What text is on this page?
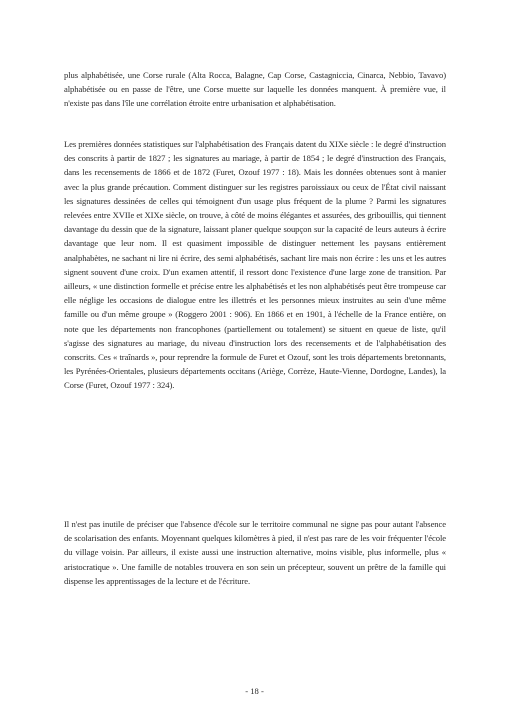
plus alphabétisée, une Corse rurale (Alta Rocca, Balagne, Cap Corse, Castagniccia, Cinarca, Nebbio, Tavavo) alphabétisée ou en passe de l'être, une Corse muette sur laquelle les données manquent. À première vue, il n'existe pas dans l'île une corrélation étroite entre urbanisation et alphabétisation.

Les premières données statistiques sur l'alphabétisation des Français datent du XIXe siècle : le degré d'instruction des conscrits à partir de 1827 ; les signatures au mariage, à partir de 1854 ; le degré d'instruction des Français, dans les recensements de 1866 et de 1872 (Furet, Ozouf 1977 : 18). Mais les données obtenues sont à manier avec la plus grande précaution. Comment distinguer sur les registres paroissiaux ou ceux de l'État civil naissant les signatures dessinées de celles qui témoignent d'un usage plus fréquent de la plume ? Parmi les signatures relevées entre XVIIe et XIXe siècle, on trouve, à côté de moins élégantes et assurées, des gribouillis, qui tiennent davantage du dessin que de la signature, laissant planer quelque soupçon sur la capacité de leurs auteurs à écrire davantage que leur nom. Il est quasiment impossible de distinguer nettement les paysans entièrement analphabètes, ne sachant ni lire ni écrire, des semi alphabétisés, sachant lire mais non écrire : les uns et les autres signent souvent d'une croix. D'un examen attentif, il ressort donc l'existence d'une large zone de transition. Par ailleurs, « une distinction formelle et précise entre les alphabétisés et les non alphabétisés peut être trompeuse car elle néglige les occasions de dialogue entre les illettrés et les personnes mieux instruites au sein d'une même famille ou d'un même groupe » (Roggero 2001 : 906). En 1866 et en 1901, à l'échelle de la France entière, on note que les départements non francophones (partiellement ou totalement) se situent en queue de liste, qu'il s'agisse des signatures au mariage, du niveau d'instruction lors des recensements et de l'alphabétisation des conscrits. Ces « traînards », pour reprendre la formule de Furet et Ozouf, sont les trois départements bretonnants, les Pyrénées-Orientales, plusieurs départements occitans (Ariège, Corrèze, Haute-Vienne, Dordogne, Landes), la Corse (Furet, Ozouf 1977 : 324).

Il n'est pas inutile de préciser que l'absence d'école sur le territoire communal ne signe pas pour autant l'absence de scolarisation des enfants. Moyennant quelques kilomètres à pied, il n'est pas rare de les voir fréquenter l'école du village voisin. Par ailleurs, il existe aussi une instruction alternative, moins visible, plus informelle, plus « aristocratique ». Une famille de notables trouvera en son sein un précepteur, souvent un prêtre de la famille qui dispense les apprentissages de la lecture et de l'écriture.

- 18 -
